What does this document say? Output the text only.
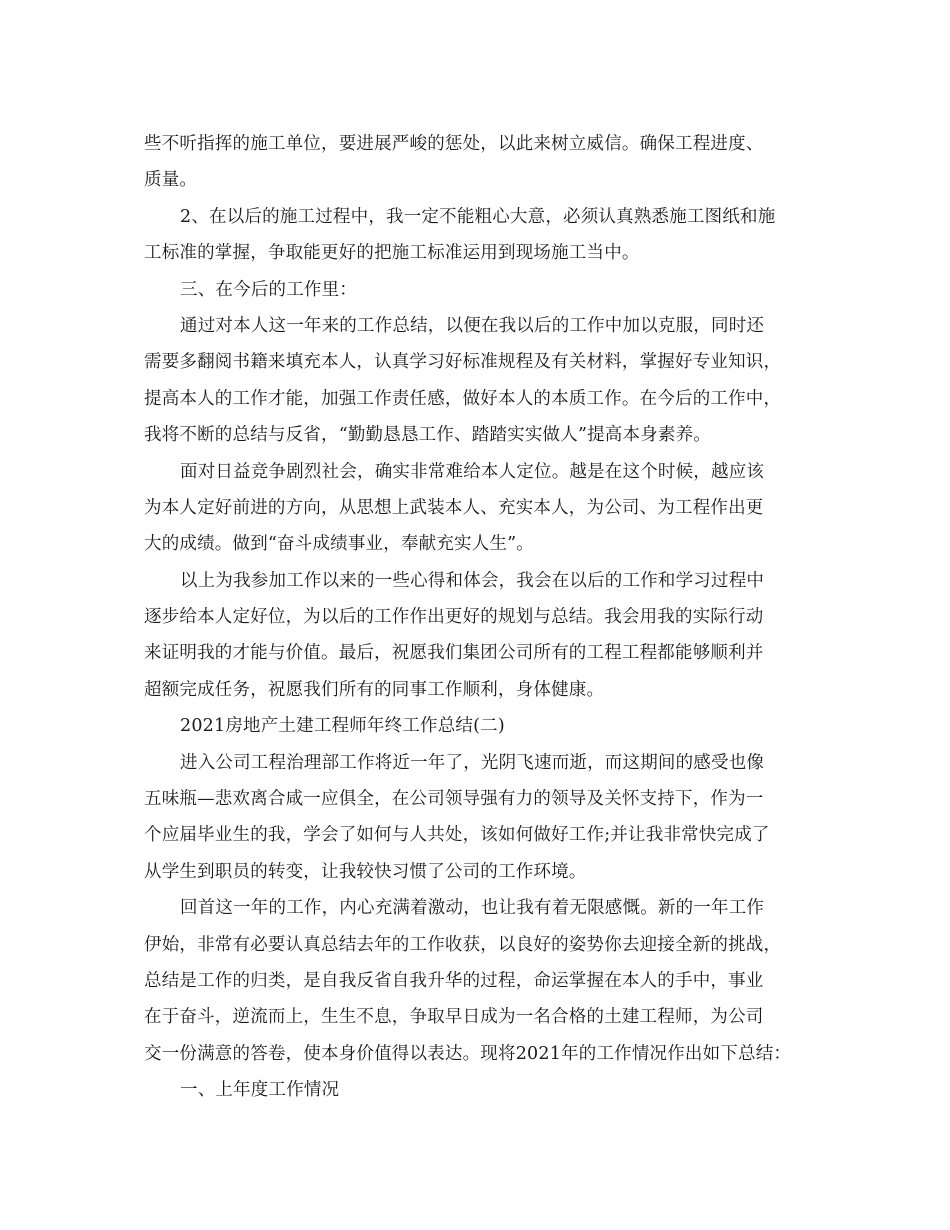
些不听指挥的施工单位，要进展严峻的惩处，以此来树立威信。确保工程进度、
质量。
2、在以后的施工过程中，我一定不能粗心大意，必须认真熟悉施工图纸和施
工标准的掌握，争取能更好的把施工标准运用到现场施工当中。
三、在今后的工作里：
通过对本人这一年来的工作总结，以便在我以后的工作中加以克服，同时还
需要多翻阅书籍来填充本人，认真学习好标准规程及有关材料，掌握好专业知识，
提高本人的工作才能，加强工作责任感，做好本人的本质工作。在今后的工作中，
我将不断的总结与反省，“勤勤恳恳工作、踏踏实实做人”提高本身素养。
面对日益竞争剧烈社会，确实非常难给本人定位。越是在这个时候，越应该
为本人定好前进的方向，从思想上武装本人、充实本人，为公司、为工程作出更
大的成绩。做到“奋斗成绩事业，奉献充实人生”。
以上为我参加工作以来的一些心得和体会，我会在以后的工作和学习过程中
逐步给本人定好位，为以后的工作作出更好的规划与总结。我会用我的实际行动
来证明我的才能与价值。最后，祝愿我们集团公司所有的工程工程都能够顺利并
超额完成任务，祝愿我们所有的同事工作顺利，身体健康。
2021房地产土建工程师年终工作总结(二)
进入公司工程治理部工作将近一年了，光阴飞速而逝，而这期间的感受也像
五味瓶—悲欢离合咸一应俱全，在公司领导强有力的领导及关怀支持下，作为一
个应届毕业生的我，学会了如何与人共处，该如何做好工作;并让我非常快完成了
从学生到职员的转变，让我较快习惯了公司的工作环境。
回首这一年的工作，内心充满着激动，也让我有着无限感慨。新的一年工作
伊始，非常有必要认真总结去年的工作收获，以良好的姿势你去迎接全新的挑战，
总结是工作的归类，是自我反省自我升华的过程，命运掌握在本人的手中，事业
在于奋斗，逆流而上，生生不息，争取早日成为一名合格的土建工程师，为公司
交一份满意的答卷，使本身价值得以表达。现将2021年的工作情况作出如下总结：
一、上年度工作情况
